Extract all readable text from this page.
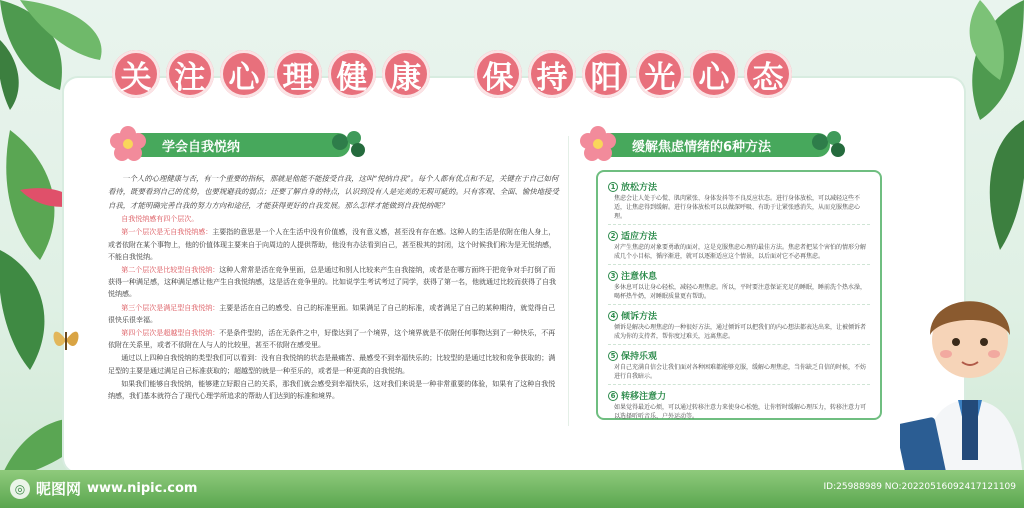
关 注 心 理 健 康 保 持 阳 光 心 态
学会自我悦纳

一个人的心理健康与否，有一个重要的指标，那就是他能不能接受自我，这叫“悦纳自我”。每个人都有优点和不足，关键在于自己如何看待，既要看到自己的优势，也要规避我的弱点；还要了解自身的特点，认识到没有人是完美的无瑕可疵的。只有客观、全面、愉快地接受自我，才能明确完善自我的努力方向和途径，才能获得更好的自我发展。那么怎样才能做到自我悦纳呢？

自我悦纳感有四个层次。

第一个层次是无自我悦纳感：主要指的意思是一个人在生活中没有价值感，没有意义感，甚至没有存在感。这种人的生活是依附在他人身上，或者依附在某个事物上，他的价值体现主要来自于向周边的人提供帮助，他没有办法看到自己，甚至极其的封闭，这个时候我们称为是无悦纳感，不能自我悦纳。

第二个层次是比较型自我悦纳：这种人常常是活在竞争里面，总是通过和别人比较来产生自我接纳，或者是在哪方面终于把竞争对手打倒了而获得一种满足感，这种满足感让他产生自我悦纳感，这是活在竞争里的。比如说学生考试考过了同学，获得了第一名，他就通过比较而获得了自我悦纳感。

第三个层次是满足型自我悦纳：主要是活在自己的感受、自己的标准里面。如果满足了自己的标准，或者满足了自己的某种期待，就觉得自己很快乐很幸福。

第四个层次是超越型自我悦纳：不是条件型的，活在无条件之中，好像达到了一个境界，这个境界就是不依附任何事物达到了一种快乐，不再依附在关系里，或者不依附在人与人的比较里，甚至不依附在感受里。

通过以上四种自我悦纳的类型我们可以看到：没有自我悦纳的状态是最痛苦、最感受不到幸福快乐的；比较型的是通过比较和竞争获取的；满足型的主要是通过满足自己标准获取的；超越型的就是一种至乐的，或者是一种更高的自我悦纳。

如果我们能够自我悦纳，能够建立好跟自己的关系，那我们就会感受到幸福快乐，这对我们来说是一种非常重要的体验，如果有了这种自我悦纳感，我们基本就符合了现代心理学所追求的帮助人们达到的标准和境界。

缓解焦虑情绪的6种方法
1 放松方法
焦虑会让人处于心慌、肌肉紧张、身体发抖等不良反应状态。进行身体放松，可以减轻这些不适，让焦虑得到缓解。进行身体放松可以以做深呼吸、有助于让紧张感消失，从而克服焦虑心理。
2 适应方法
对产生焦虑的对象要勇敢的面对，这是克服焦虑心理的最佳方法。焦虑者把某个害怕的情形分解成几个小目标，循序渐进，就可以逐渐适应这个情景，以后面对它不必再焦虑。
3 注意休息
多休息可以让身心轻松，减轻心理焦虑。所以，平时要注意保证充足的睡眠，睡前洗个热水澡，喝杯热牛奶，对睡眠质量更有帮助。
4 倾诉方法
倾诉是解决心理焦虑的一种很好方法，通过倾诉可以把我们的内心想法都表达出来，让被倾诉者成为你的支持者，帮你度过难关，远离焦虑。
5 保持乐观
对自己充满自信会让我们面对各种困难都能够克服，缓解心理焦虑，当你缺乏自信的时候，不妨进行自我暗示。
6 转移注意力
如果觉得最近心烦，可以通过转移注意力来使身心松弛，让你暂时缓解心理压力，转移注意力可以选择听听音乐、户外运动等。
◎ 昵图网 www.nipic.com	ID:25988989 NO:20220516092417121109
